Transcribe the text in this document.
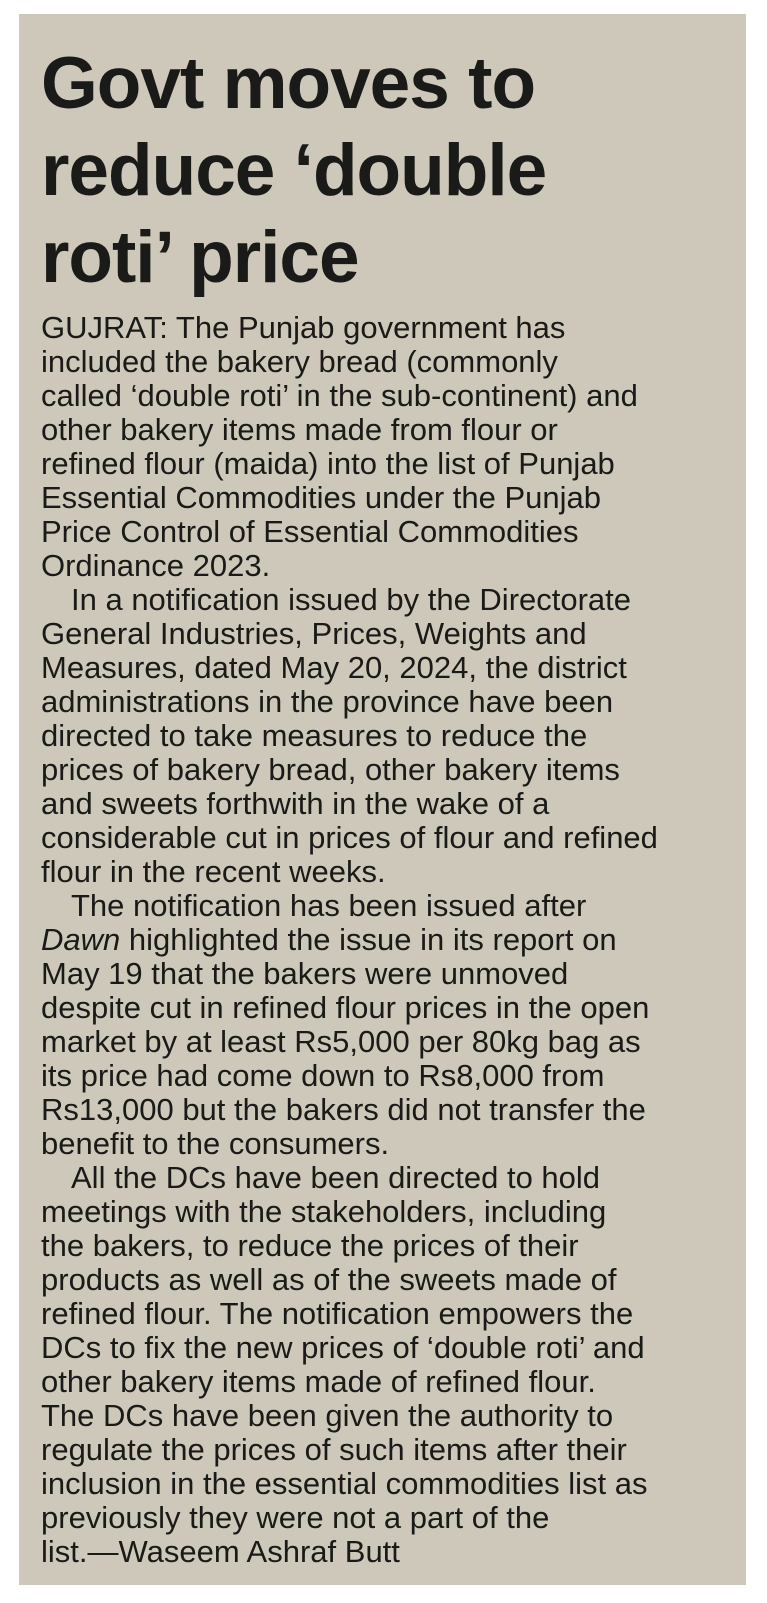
Govt moves to
reduce ‘double
roti’ price

GUJRAT: The Punjab government has
included the bakery bread (commonly
called ‘double roti’ in the sub-continent) and
other bakery items made from flour or
refined flour (maida) into the list of Punjab
Essential Commodities under the Punjab
Price Control of Essential Commodities
Ordinance 2023.

In a notification issued by the Directorate
General Industries, Prices, Weights and
Measures, dated May 20, 2024, the district
administrations in the province have been
directed to take measures to reduce the
prices of bakery bread, other bakery items
and sweets forthwith in the wake of a
considerable cut in prices of flour and refined
flour in the recent weeks.

The notification has been issued after
Dawn highlighted the issue in its report on
May 19 that the bakers were unmoved
despite cut in refined flour prices in the open
market by at least Rs5,000 per 80kg bag as
its price had come down to Rs8,000 from
Rs13,000 but the bakers did not transfer the
benefit to the consumers.

All the DCs have been directed to hold
meetings with the stakeholders, including
the bakers, to reduce the prices of their
products as well as of the sweets made of
refined flour. The notification empowers the
DCs to fix the new prices of ‘double roti’ and
other bakery items made of refined flour.
The DCs have been given the authority to
regulate the prices of such items after their
inclusion in the essential commodities list as
previously they were not a part of the
list.—Waseem Ashraf Butt
